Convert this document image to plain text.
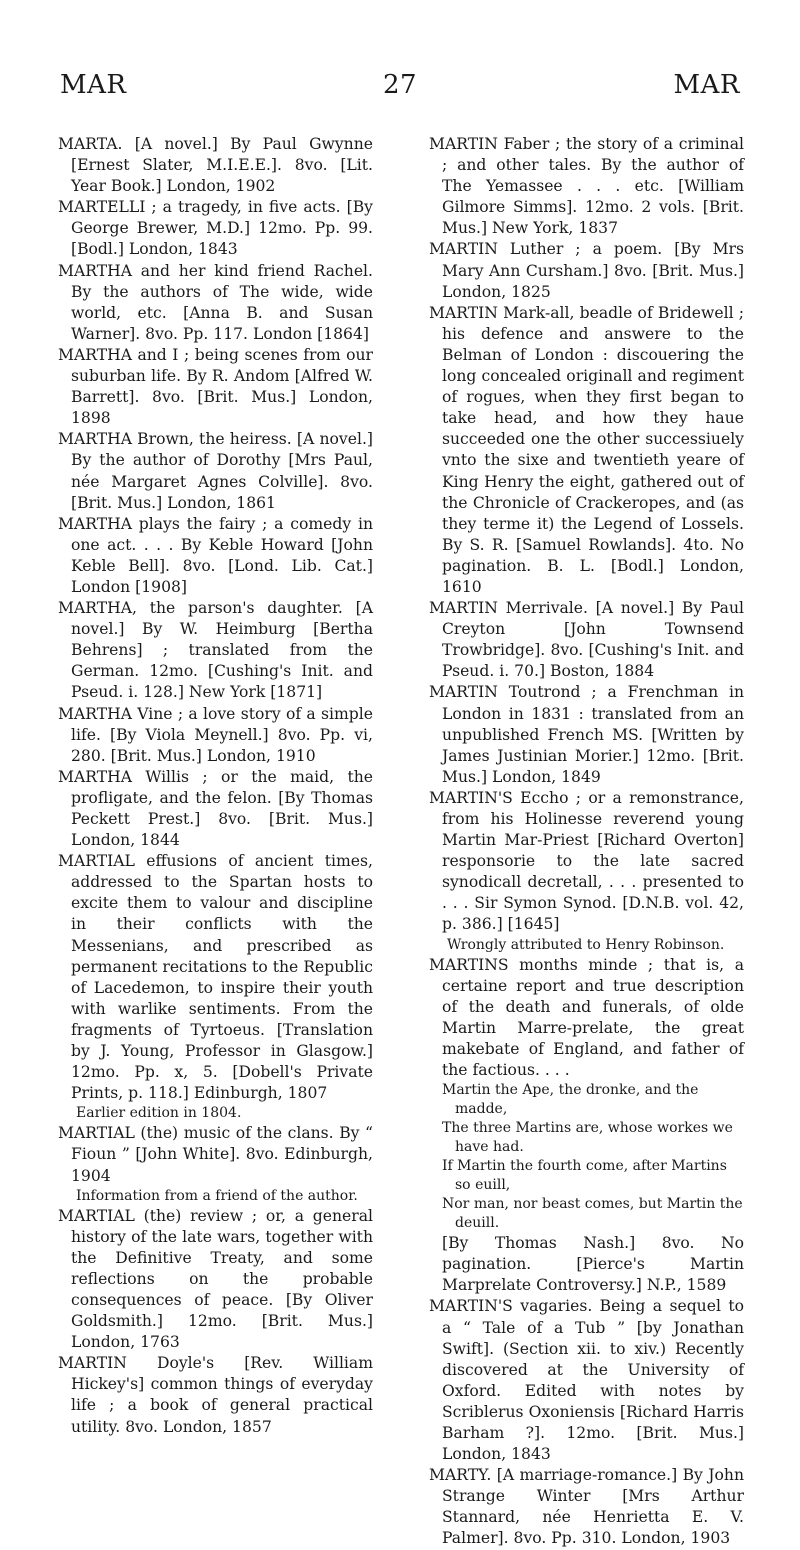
27
MAR	MAR

MARTA. [A novel.] By Paul Gwynne [Ernest Slater, M.I.E.E.]. 8vo. [Lit. Year Book.] London, 1902

MARTELLI ; a tragedy, in five acts. [By George Brewer, M.D.] 12mo. Pp. 99. [Bodl.] London, 1843

MARTHA and her kind friend Rachel. By the authors of The wide, wide world, etc. [Anna B. and Susan Warner]. 8vo. Pp. 117. London [1864]

MARTHA and I ; being scenes from our suburban life. By R. Andom [Alfred W. Barrett]. 8vo. [Brit. Mus.] London, 1898

MARTHA Brown, the heiress. [A novel.] By the author of Dorothy [Mrs Paul, née Margaret Agnes Colville]. 8vo. [Brit. Mus.] London, 1861

MARTHA plays the fairy ; a comedy in one act. . . . By Keble Howard [John Keble Bell]. 8vo. [Lond. Lib. Cat.] London [1908]

MARTHA, the parson's daughter. [A novel.] By W. Heimburg [Bertha Behrens] ; translated from the German. 12mo. [Cushing's Init. and Pseud. i. 128.] New York [1871]

MARTHA Vine ; a love story of a simple life. [By Viola Meynell.] 8vo. Pp. vi, 280. [Brit. Mus.] London, 1910

MARTHA Willis ; or the maid, the profligate, and the felon. [By Thomas Peckett Prest.] 8vo. [Brit. Mus.] London, 1844

MARTIAL effusions of ancient times, addressed to the Spartan hosts to excite them to valour and discipline in their conflicts with the Messenians, and prescribed as permanent recitations to the Republic of Lacedemon, to inspire their youth with warlike sentiments. From the fragments of Tyrtoeus. [Translation by J. Young, Professor in Glasgow.] 12mo. Pp. x, 5. [Dobell's Private Prints, p. 118.] Edinburgh, 1807

Earlier edition in 1804.

MARTIAL (the) music of the clans. By “ Fioun ” [John White]. 8vo. Edinburgh, 1904

Information from a friend of the author.

MARTIAL (the) review ; or, a general history of the late wars, together with the Definitive Treaty, and some reflections on the probable consequences of peace. [By Oliver Goldsmith.] 12mo. [Brit. Mus.] London, 1763

MARTIN Doyle's [Rev. William Hickey's] common things of everyday life ; a book of general practical utility. 8vo. London, 1857

MARTIN Faber ; the story of a criminal ; and other tales. By the author of The Yemassee . . . etc. [William Gilmore Simms]. 12mo. 2 vols. [Brit. Mus.] New York, 1837

MARTIN Luther ; a poem. [By Mrs Mary Ann Cursham.] 8vo. [Brit. Mus.] London, 1825

MARTIN Mark-all, beadle of Bridewell ; his defence and answere to the Belman of London : discouering the long concealed originall and regiment of rogues, when they first began to take head, and how they haue succeeded one the other successiuely vnto the sixe and twentieth yeare of King Henry the eight, gathered out of the Chronicle of Crackeropes, and (as they terme it) the Legend of Lossels. By S. R. [Samuel Rowlands]. 4to. No pagination. B. L. [Bodl.] London, 1610

MARTIN Merrivale. [A novel.] By Paul Creyton [John Townsend Trowbridge]. 8vo. [Cushing's Init. and Pseud. i. 70.] Boston, 1884

MARTIN Toutrond ; a Frenchman in London in 1831 : translated from an unpublished French MS. [Written by James Justinian Morier.] 12mo. [Brit. Mus.] London, 1849

MARTIN'S Eccho ; or a remonstrance, from his Holinesse reverend young Martin Mar-Priest [Richard Overton] responsorie to the late sacred synodicall decretall, . . . presented to . . . Sir Symon Synod. [D.N.B. vol. 42, p. 386.] [1645]

Wrongly attributed to Henry Robinson.

MARTINS months minde ; that is, a certaine report and true description of the death and funerals, of olde Martin Marre-prelate, the great makebate of England, and father of the factious. . . .

Martin the Ape, the dronke, and the madde,
The three Martins are, whose workes we have had.
If Martin the fourth come, after Martins so euill,
Nor man, nor beast comes, but Martin the deuill.

[By Thomas Nash.] 8vo. No pagination. [Pierce's Martin Marprelate Controversy.] N.P., 1589

MARTIN'S vagaries. Being a sequel to a “ Tale of a Tub ” [by Jonathan Swift]. (Section xii. to xiv.) Recently discovered at the University of Oxford. Edited with notes by Scriblerus Oxoniensis [Richard Harris Barham ?]. 12mo. [Brit. Mus.] London, 1843

MARTY. [A marriage-romance.] By John Strange Winter [Mrs Arthur Stannard, née Henrietta E. V. Palmer]. 8vo. Pp. 310. London, 1903
